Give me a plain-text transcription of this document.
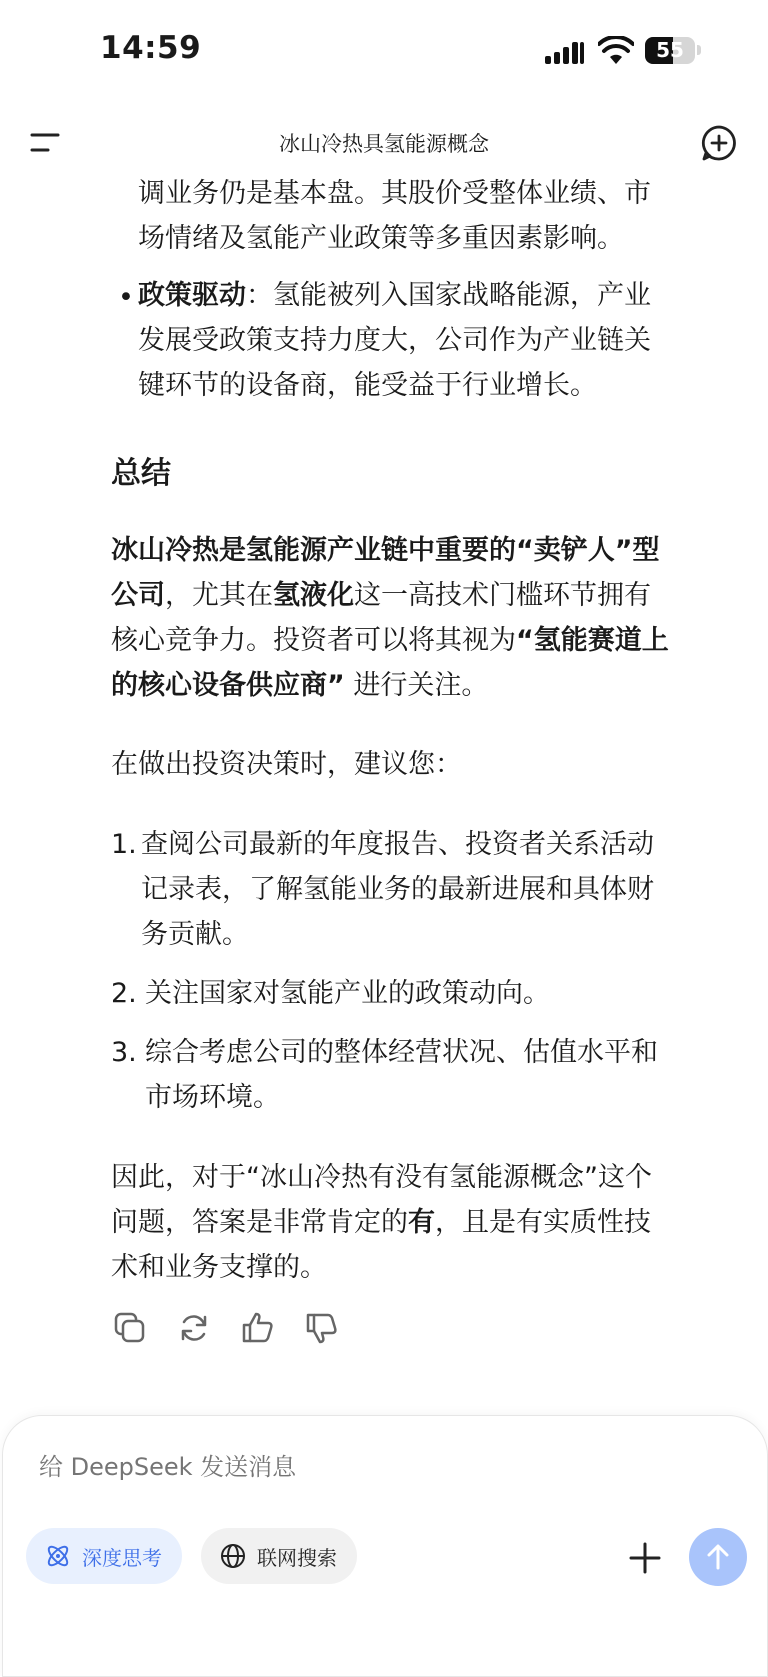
14:59	55
调业务仍是基本盘。其股价受整体业绩、市
场情绪及氢能产业政策等多重因素影响。
• 政策驱动：氢能被列入国家战略能源，产业
发展受政策支持力度大，公司作为产业链关
键环节的设备商，能受益于行业增长。
总结
冰山冷热是氢能源产业链中重要的“卖铲人”型
公司，尤其在氢液化这一高技术门槛环节拥有
核心竞争力。投资者可以将其视为“氢能赛道上
的核心设备供应商” 进行关注。
在做出投资决策时，建议您：
1. 查阅公司最新的年度报告、投资者关系活动
记录表，了解氢能业务的最新进展和具体财
务贡献。
2. 关注国家对氢能产业的政策动向。
3. 综合考虑公司的整体经营状况、估值水平和
市场环境。
因此，对于“冰山冷热有没有氢能源概念”这个
问题，答案是非常肯定的有，且是有实质性技
术和业务支撑的。
冰山冷热具氢能源概念
给 DeepSeek 发送消息
深度思考	联网搜索
